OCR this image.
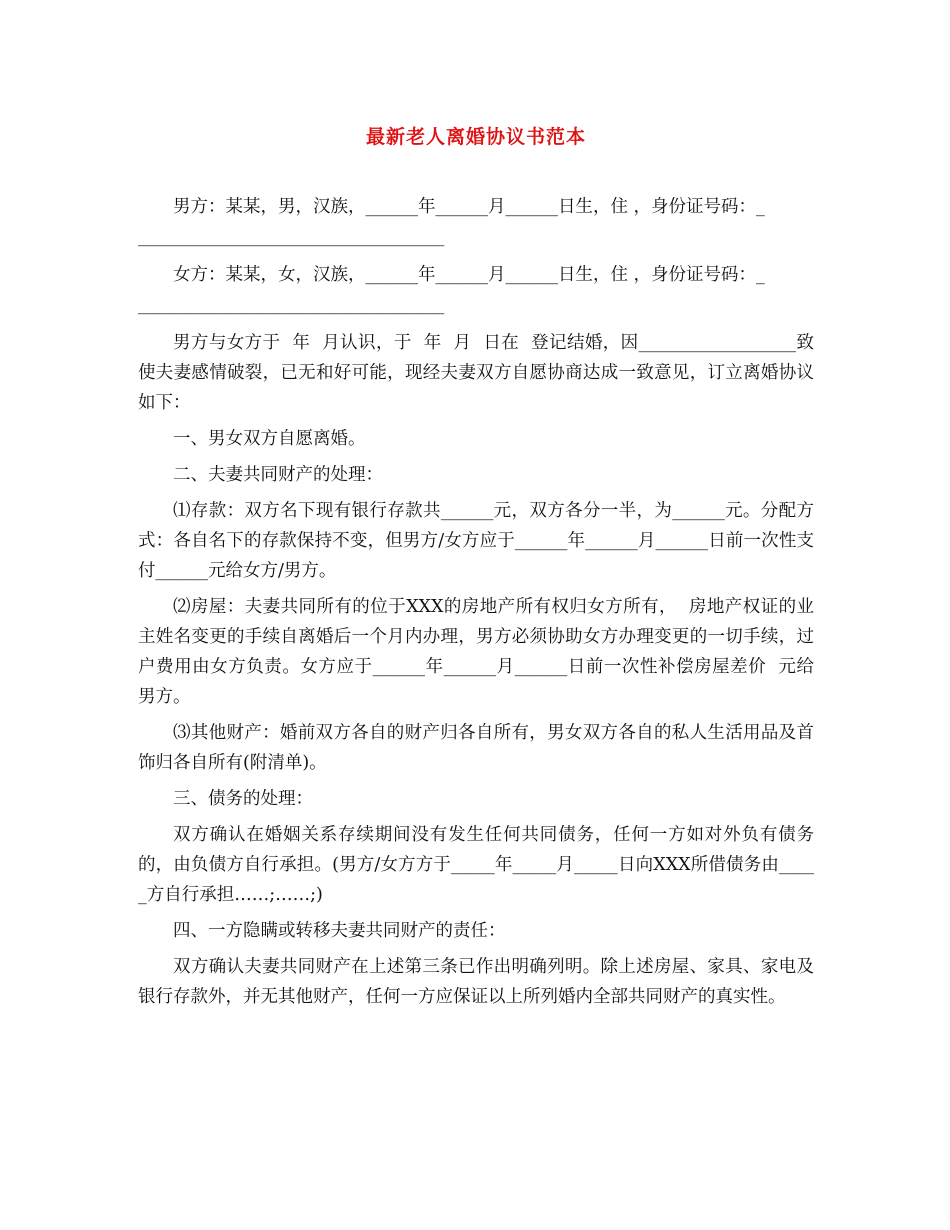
最新老人离婚协议书范本

男方：某某，男，汉族，______年______月______日生，住 ，身份证号码：_

___________________________________

女方：某某，女，汉族，______年______月______日生，住 ，身份证号码：_

___________________________________

男方与女方于  年  月认识，于  年  月  日在  登记结婚，因__________________致使夫妻感情破裂，已无和好可能，现经夫妻双方自愿协商达成一致意见，订立离婚协议如下：

一、男女双方自愿离婚。

二、夫妻共同财产的处理：

⑴存款：双方名下现有银行存款共______元，双方各分一半，为______元。分配方式：各自名下的存款保持不变，但男方/女方应于______年______月______日前一次性支付______元给女方/男方。

⑵房屋：夫妻共同所有的位于XXX的房地产所有权归女方所有，  房地产权证的业主姓名变更的手续自离婚后一个月内办理，男方必须协助女方办理变更的一切手续，过户费用由女方负责。女方应于______年______月______日前一次性补偿房屋差价  元给男方。

⑶其他财产：婚前双方各自的财产归各自所有，男女双方各自的私人生活用品及首饰归各自所有(附清单)。

三、债务的处理：

双方确认在婚姻关系存续期间没有发生任何共同债务，任何一方如对外负有债务的，由负债方自行承担。(男方/女方方于_____年_____月_____日向XXX所借债务由_____方自行承担……;……;)

四、一方隐瞒或转移夫妻共同财产的责任：

双方确认夫妻共同财产在上述第三条已作出明确列明。除上述房屋、家具、家电及银行存款外，并无其他财产，任何一方应保证以上所列婚内全部共同财产的真实性。
